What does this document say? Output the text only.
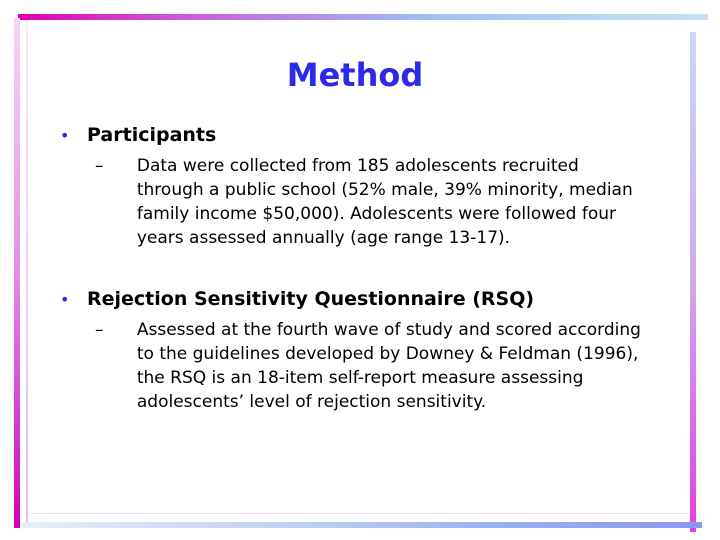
Method
• Participants
–	Data were collected from 185 adolescents recruited
through a public school (52% male, 39% minority, median
family income $50,000). Adolescents were followed four
years assessed annually (age range 13-17).
• Rejection Sensitivity Questionnaire (RSQ)
–	Assessed at the fourth wave of study and scored according
to the guidelines developed by Downey & Feldman (1996),
the RSQ is an 18-item self-report measure assessing
adolescents’ level of rejection sensitivity.
